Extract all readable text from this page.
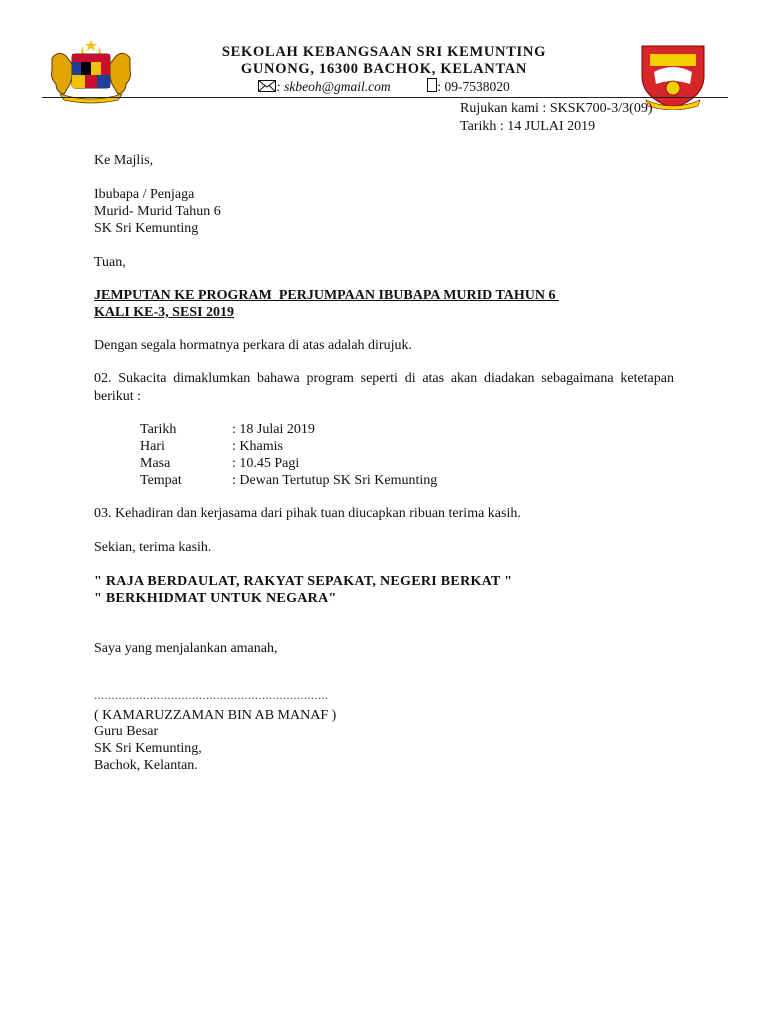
SEKOLAH KEBANGSAAN SRI KEMUNTING
GUNONG, 16300 BACHOK, KELANTAN
: skbeoh@gmail.com	: 09-7538020
Rujukan kami : SKSK700-3/3(09)
Tarikh : 14 JULAI 2019
Ke Majlis,
Ibubapa / Penjaga
Murid- Murid Tahun 6
SK Sri Kemunting
Tuan,
JEMPUTAN KE PROGRAM  PERJUMPAAN IBUBAPA MURID TAHUN 6
KALI KE-3, SESI 2019
Dengan segala hormatnya perkara di atas adalah dirujuk.
02. Sukacita dimaklumkan bahawa program seperti di atas akan diadakan sebagaimana ketetapan berikut :
Tarikh	: 18 Julai 2019
Hari	: Khamis
Masa	: 10.45 Pagi
Tempat	: Dewan Tertutup SK Sri Kemunting
03. Kehadiran dan kerjasama dari pihak tuan diucapkan ribuan terima kasih.
Sekian, terima kasih.
" RAJA BERDAULAT, RAKYAT SEPAKAT, NEGERI BERKAT "
" BERKHIDMAT UNTUK NEGARA"
Saya yang menjalankan amanah,
...................................................................
( KAMARUZZAMAN BIN AB MANAF )
Guru Besar
SK Sri Kemunting,
Bachok, Kelantan.
